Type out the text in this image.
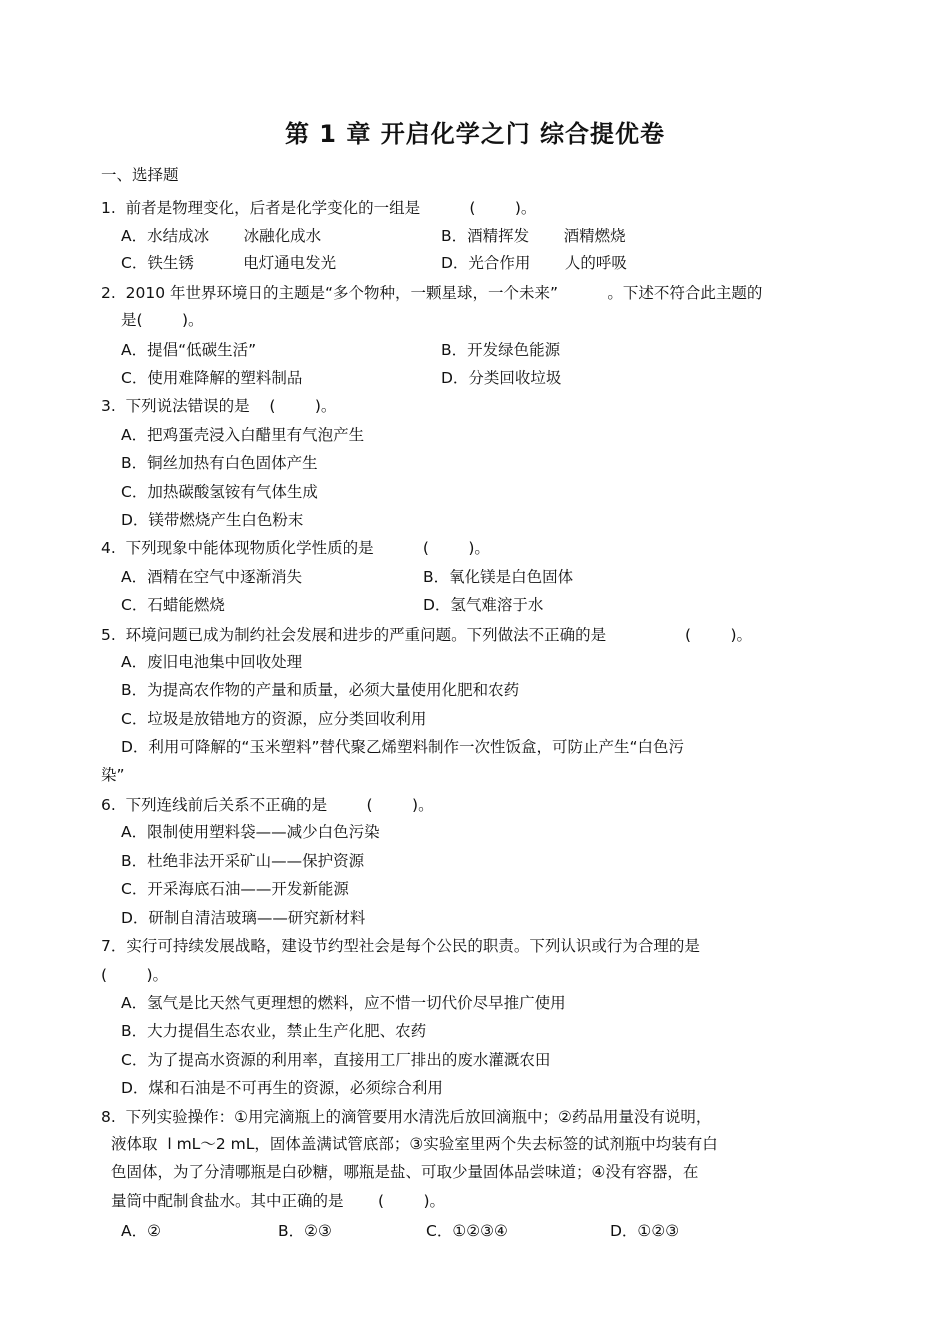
第 1 章 开启化学之门 综合提优卷
一、选择题
1.  前者是物理变化，后者是化学变化的一组是          (        )。
A．水结成冰       冰融化成水	B．酒精挥发       酒精燃烧
C．铁生锈          电灯通电发光	D．光合作用       人的呼吸
2.  2010 年世界环境日的主题是“多个物种，一颗星球，一个未来”          。下述不符合此主题的
是(        )。
A．提倡“低碳生活”	B．开发绿色能源
C．使用难降解的塑料制品	D．分类回收垃圾
3.  下列说法错误的是    (        )。
A．把鸡蛋壳浸入白醋里有气泡产生
B．铜丝加热有白色固体产生
C．加热碳酸氢铵有气体生成
D．镁带燃烧产生白色粉末
4.  下列现象中能体现物质化学性质的是          (        )。
A．酒精在空气中逐渐消失	B．氧化镁是白色固体
C．石蜡能燃烧	D．氢气难溶于水
5.  环境问题已成为制约社会发展和进步的严重问题。下列做法不正确的是                (        )。
A．废旧电池集中回收处理
B．为提高农作物的产量和质量，必须大量使用化肥和农药
C．垃圾是放错地方的资源，应分类回收利用
D．利用可降解的“玉米塑料”替代聚乙烯塑料制作一次性饭盒，可防止产生“白色污
染”
6.  下列连线前后关系不正确的是        (        )。
A．限制使用塑料袋——减少白色污染
B．杜绝非法开采矿山——保护资源
C．开采海底石油——开发新能源
D．研制自清洁玻璃——研究新材料
7．实行可持续发展战略，建设节约型社会是每个公民的职责。下列认识或行为合理的是
(        )。
A．氢气是比天然气更理想的燃料，应不惜一切代价尽早推广使用
B．大力提倡生态农业，禁止生产化肥、农药
C．为了提高水资源的利用率，直接用工厂排出的废水灌溉农田
D．煤和石油是不可再生的资源，必须综合利用
8.  下列实验操作：①用完滴瓶上的滴管要用水清洗后放回滴瓶中；②药品用量没有说明，
液体取  l mL～2 mL，固体盖满试管底部；③实验室里两个失去标签的试剂瓶中均装有白
色固体，为了分清哪瓶是白砂糖，哪瓶是盐、可取少量固体品尝味道；④没有容器，在
量筒中配制食盐水。其中正确的是       (        )。
A．②	B．②③	C．①②③④	D．①②③
